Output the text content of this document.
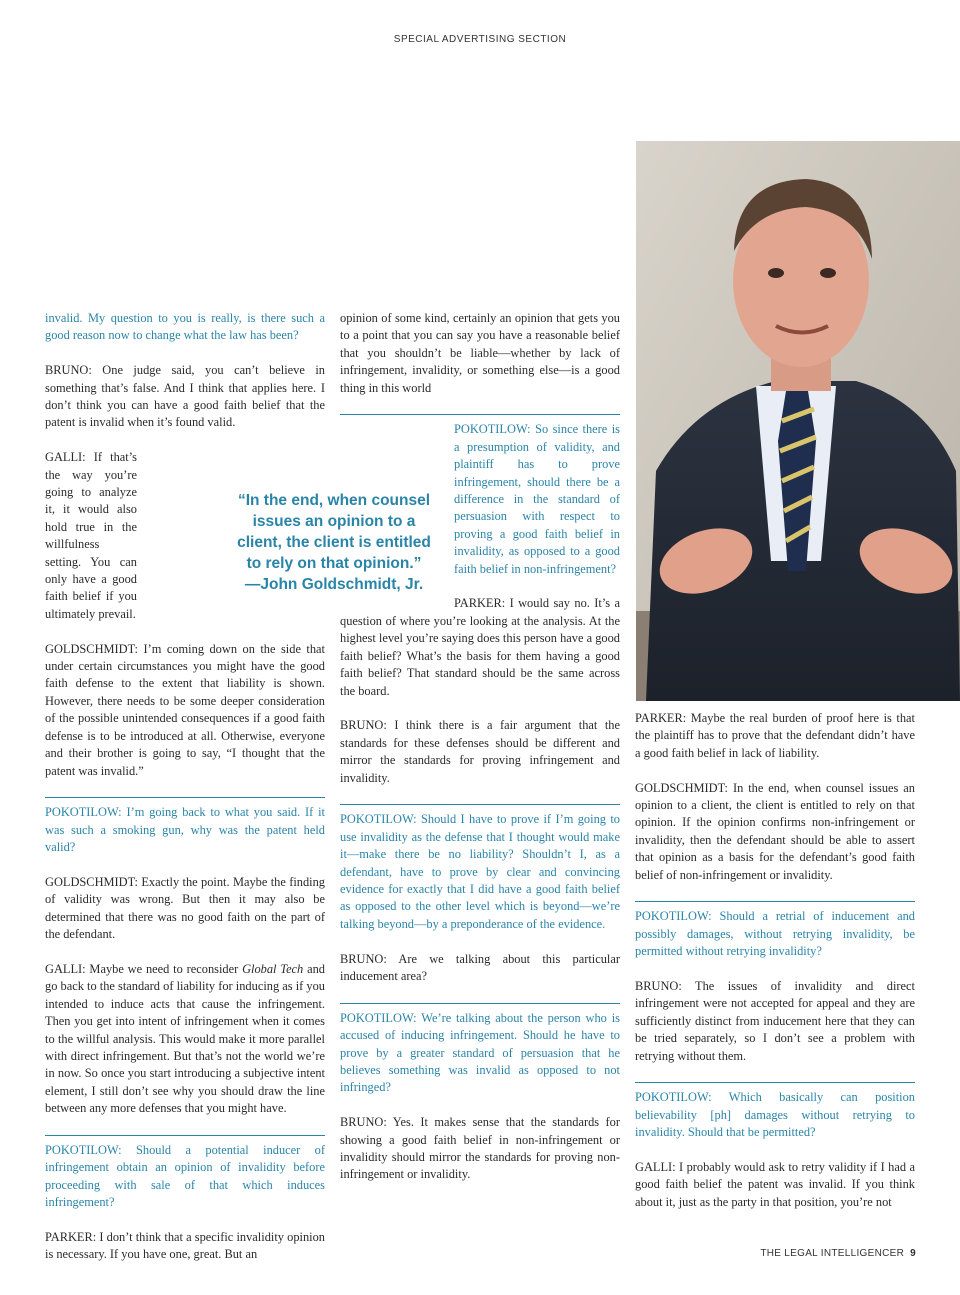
SPECIAL ADVERTISING SECTION

invalid. My question to you is really, is there such a good reason now to change what the law has been?

BRUNO: One judge said, you can’t believe in something that’s false. And I think that applies here. I don’t think you can have a good faith belief that the patent is invalid when it’s found valid.

GALLI: If that’s the way you’re going to analyze it, it would also hold true in the willfulness setting. You can only have a good faith belief if you ultimately prevail.

GOLDSCHMIDT: I’m coming down on the side that under certain circumstances you might have the good faith defense to the extent that liability is shown. However, there needs to be some deeper consideration of the possible unintended consequences if a good faith defense is to be introduced at all. Otherwise, everyone and their brother is going to say, “I thought that the patent was invalid.”

POKOTILOW: I’m going back to what you said. If it was such a smoking gun, why was the patent held valid?

GOLDSCHMIDT: Exactly the point. Maybe the finding of validity was wrong. But then it may also be determined that there was no good faith on the part of the defendant.

GALLI: Maybe we need to reconsider Global Tech and go back to the standard of liability for inducing as if you intended to induce acts that cause the infringement. Then you get into intent of infringement when it comes to the willful analysis. This would make it more parallel with direct infringement. But that’s not the world we’re in now. So once you start introducing a subjective intent element, I still don’t see why you should draw the line between any more defenses that you might have.

POKOTILOW: Should a potential inducer of infringement obtain an opinion of invalidity before proceeding with sale of that which induces infringement?

PARKER: I don’t think that a specific invalidity opinion is necessary. If you have one, great. But an

opinion of some kind, certainly an opinion that gets you to a point that you can say you have a reasonable belief that you shouldn’t be liable—whether by lack of infringement, invalidity, or something else—is a good thing in this world

POKOTILOW: So since there is a presumption of validity, and plaintiff has to prove infringement, should there be a difference in the standard of persuasion with respect to proving a good faith belief in invalidity, as opposed to a good faith belief in non-infringement?

PARKER: I would say no. It’s a question of where you’re looking at the analysis. At the highest level you’re saying does this person have a good faith belief? What’s the basis for them having a good faith belief? That standard should be the same across the board.

BRUNO: I think there is a fair argument that the standards for these defenses should be different and mirror the standards for proving infringement and invalidity.

POKOTILOW: Should I have to prove if I’m going to use invalidity as the defense that I thought would make it—make there be no liability? Shouldn’t I, as a defendant, have to prove by clear and convincing evidence for exactly that I did have a good faith belief as opposed to the other level which is beyond—we’re talking beyond—by a preponderance of the evidence.

BRUNO: Are we talking about this particular inducement area?

POKOTILOW: We’re talking about the person who is accused of inducing infringement. Should he have to prove by a greater standard of persuasion that he believes something was invalid as opposed to not infringed?

BRUNO: Yes. It makes sense that the standards for showing a good faith belief in non-infringement or invalidity should mirror the standards for proving non-infringement or invalidity.

PARKER: Maybe the real burden of proof here is that the plaintiff has to prove that the defendant didn’t have a good faith belief in lack of liability.

GOLDSCHMIDT: In the end, when counsel issues an opinion to a client, the client is entitled to rely on that opinion. If the opinion confirms non-infringement or invalidity, then the defendant should be able to assert that opinion as a basis for the defendant’s good faith belief of non-infringement or invalidity.

POKOTILOW: Should a retrial of inducement and possibly damages, without retrying invalidity, be permitted without retrying invalidity?

BRUNO: The issues of invalidity and direct infringement were not accepted for appeal and they are sufficiently distinct from inducement here that they can be tried separately, so I don’t see a problem with retrying without them.

POKOTILOW: Which basically can position believability [ph] damages without retrying to invalidity. Should that be permitted?

GALLI: I probably would ask to retry validity if I had a good faith belief the patent was invalid. If you think about it, just as the party in that position, you’re not

“In the end, when counsel issues an opinion to a client, the client is entitled to rely on that opinion.”
—John Goldschmidt, Jr.
THE LEGAL INTELLIGENCER 9
